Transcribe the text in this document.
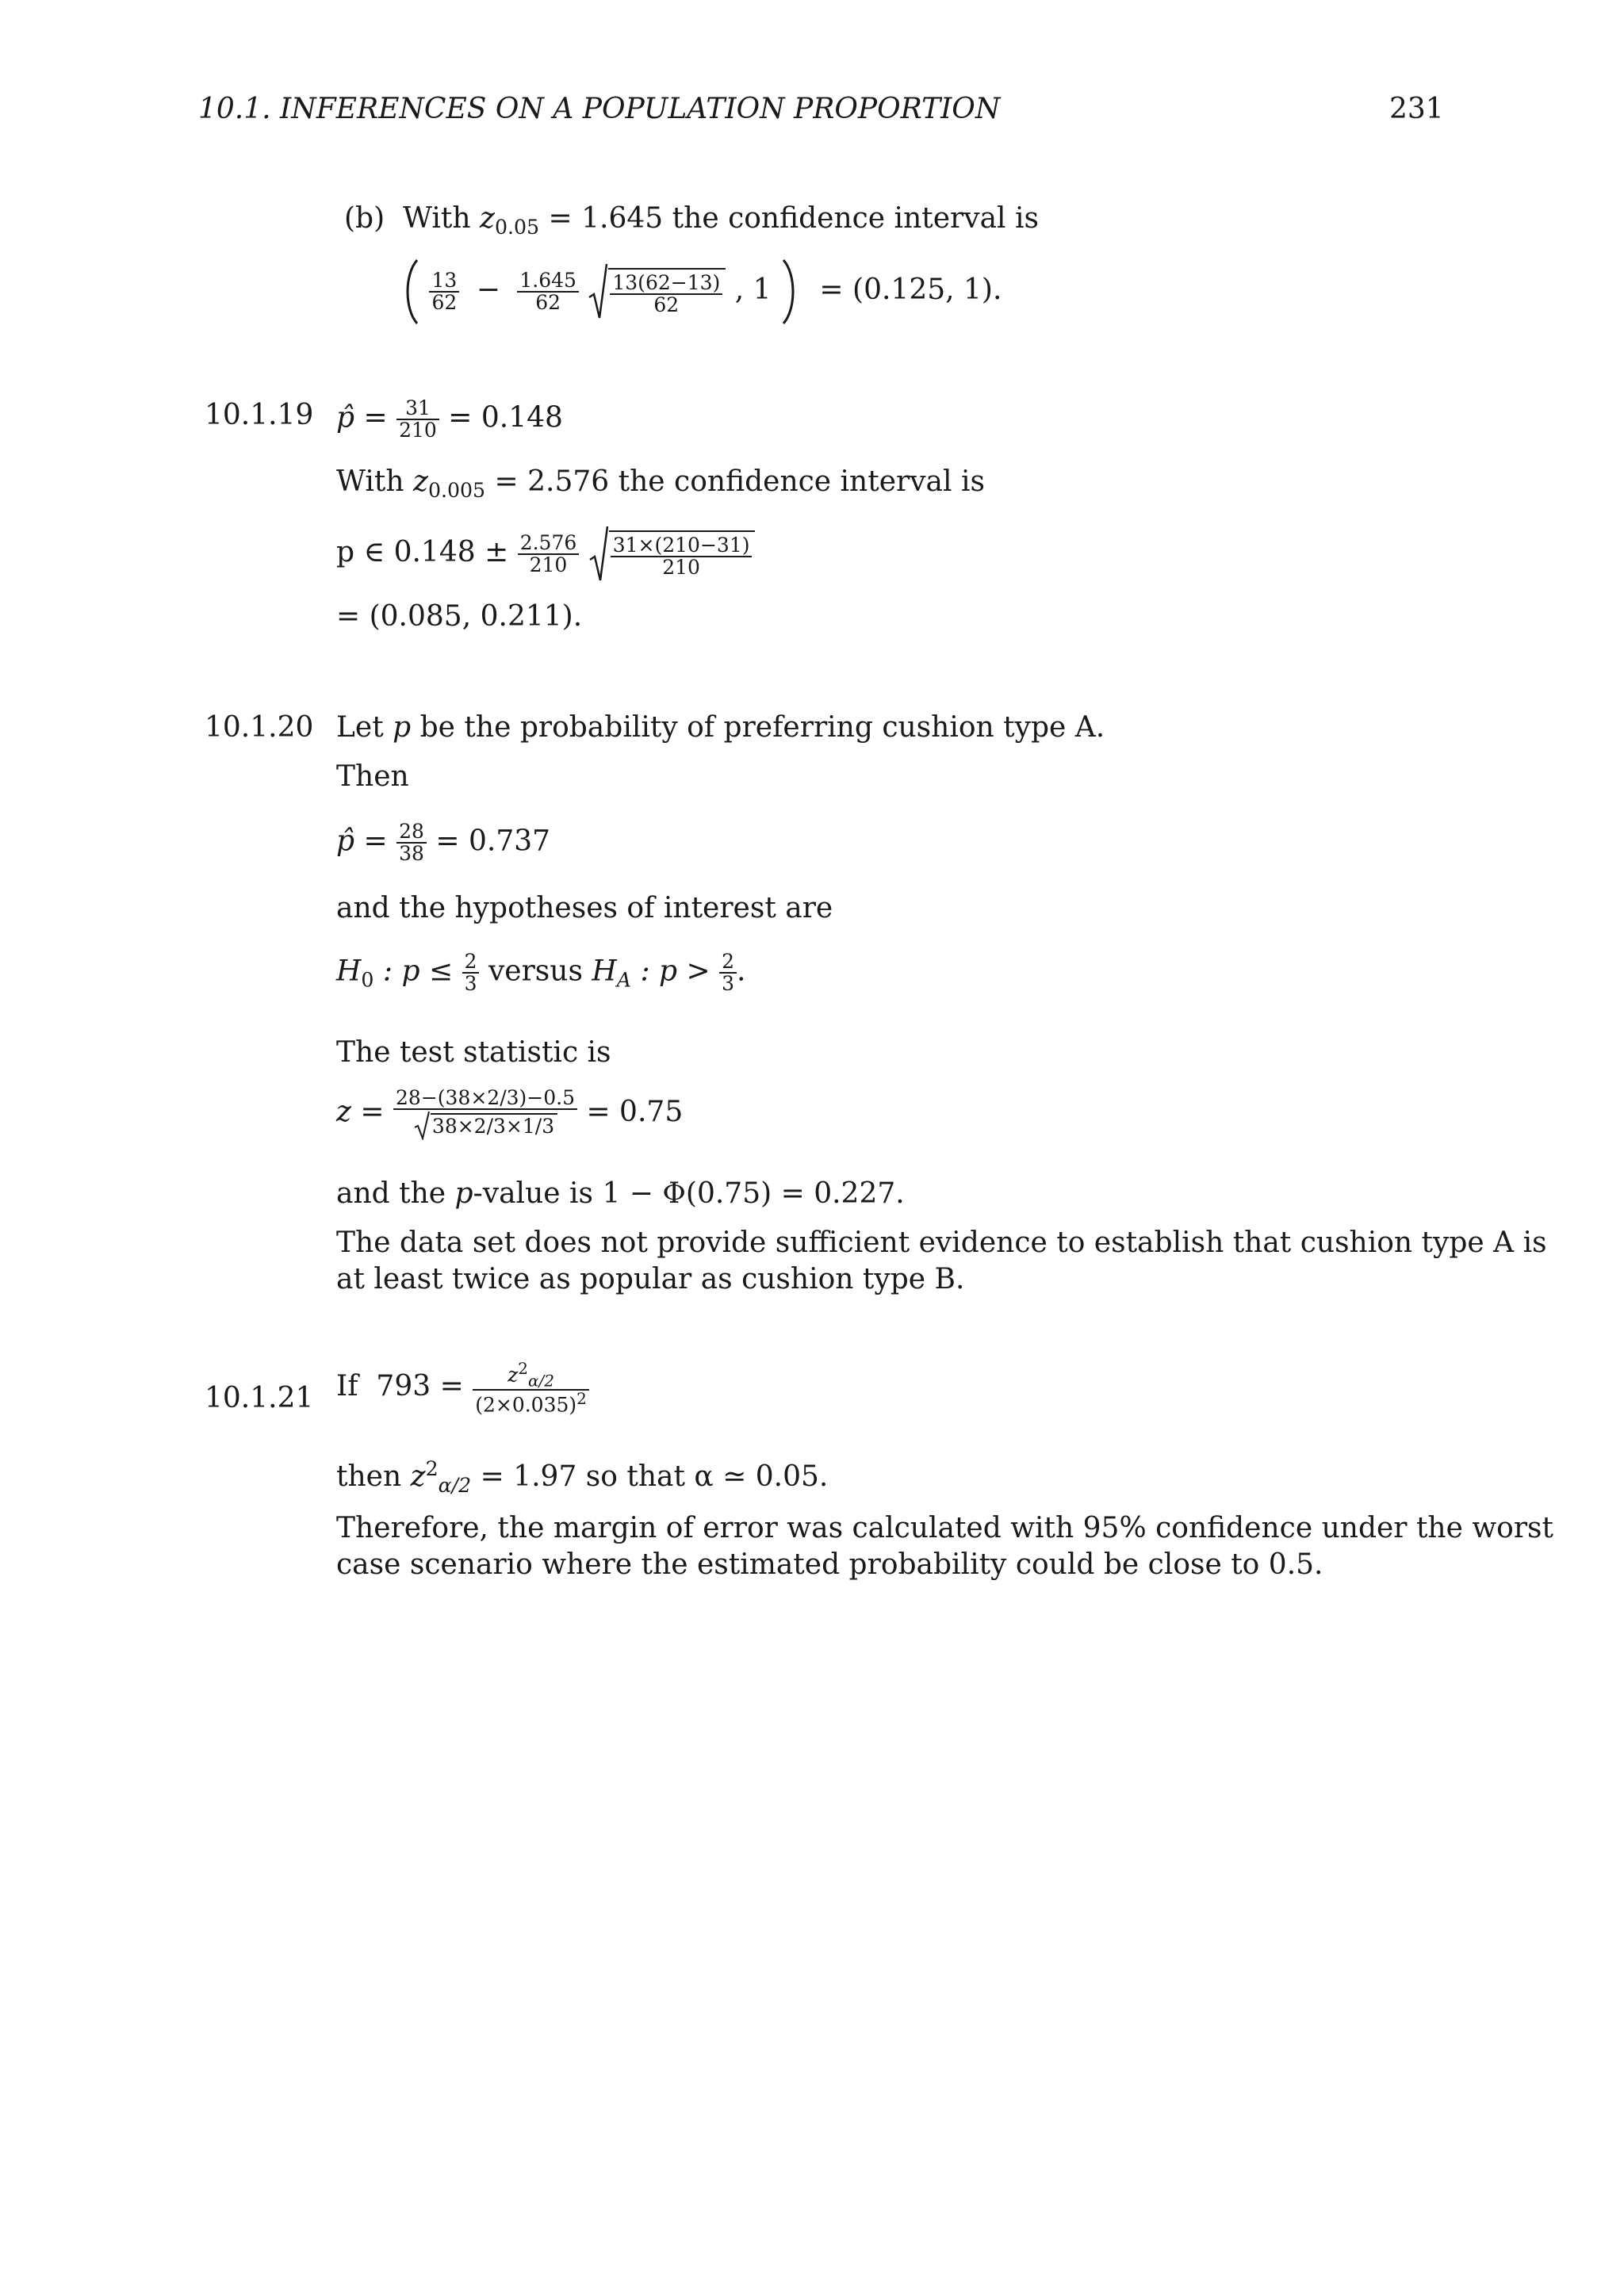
10.1. INFERENCES ON A POPULATION PROPORTION	231
(b) With $z_{0.05} = 1.645$ the confidence interval is

$\frac{13}{62} - \frac{1.645}{62}$
$\frac{13(62-13)}{62}$ , 1 = (0.125, 1).
10.1.19 p̂ = $\frac{31}{210} = 0.148$
With $z_{0.005} = 2.576$ the confidence interval is
p ∈ $0.148 \pm \frac{2.576}{210}$
$\frac{31\times(210-31)}{210}$
= (0.085, 0.211).
10.1.20 Let p be the probability of preferring cushion type A.
Then
p̂ = $\frac{28}{38} = 0.737$
and the hypotheses of interest are
$H_0$ : $p \le \frac{2}{3}$ versus $H_A$ : $p > \frac{2}{3}$ .
The test statistic is
$z = \frac{28-(38\times 2/3)-0.5}{38\times 2/3\times 1/3} = 0.75$
and the p-value is 1 − Φ(0.75) = 0.227.
The data set does not provide sufficient evidence to establish that cushion type A is
at least twice as popular as cushion type B.
10.1.21 If  $793 = \frac{z^2_{\alpha/2}}{(2\times 0.035)^2}$
then $z^2_{\alpha/2} = 1.97$ so that α ≃ 0.05.
Therefore, the margin of error was calculated with 95% confidence under the worst
case scenario where the estimated probability could be close to 0.5.
